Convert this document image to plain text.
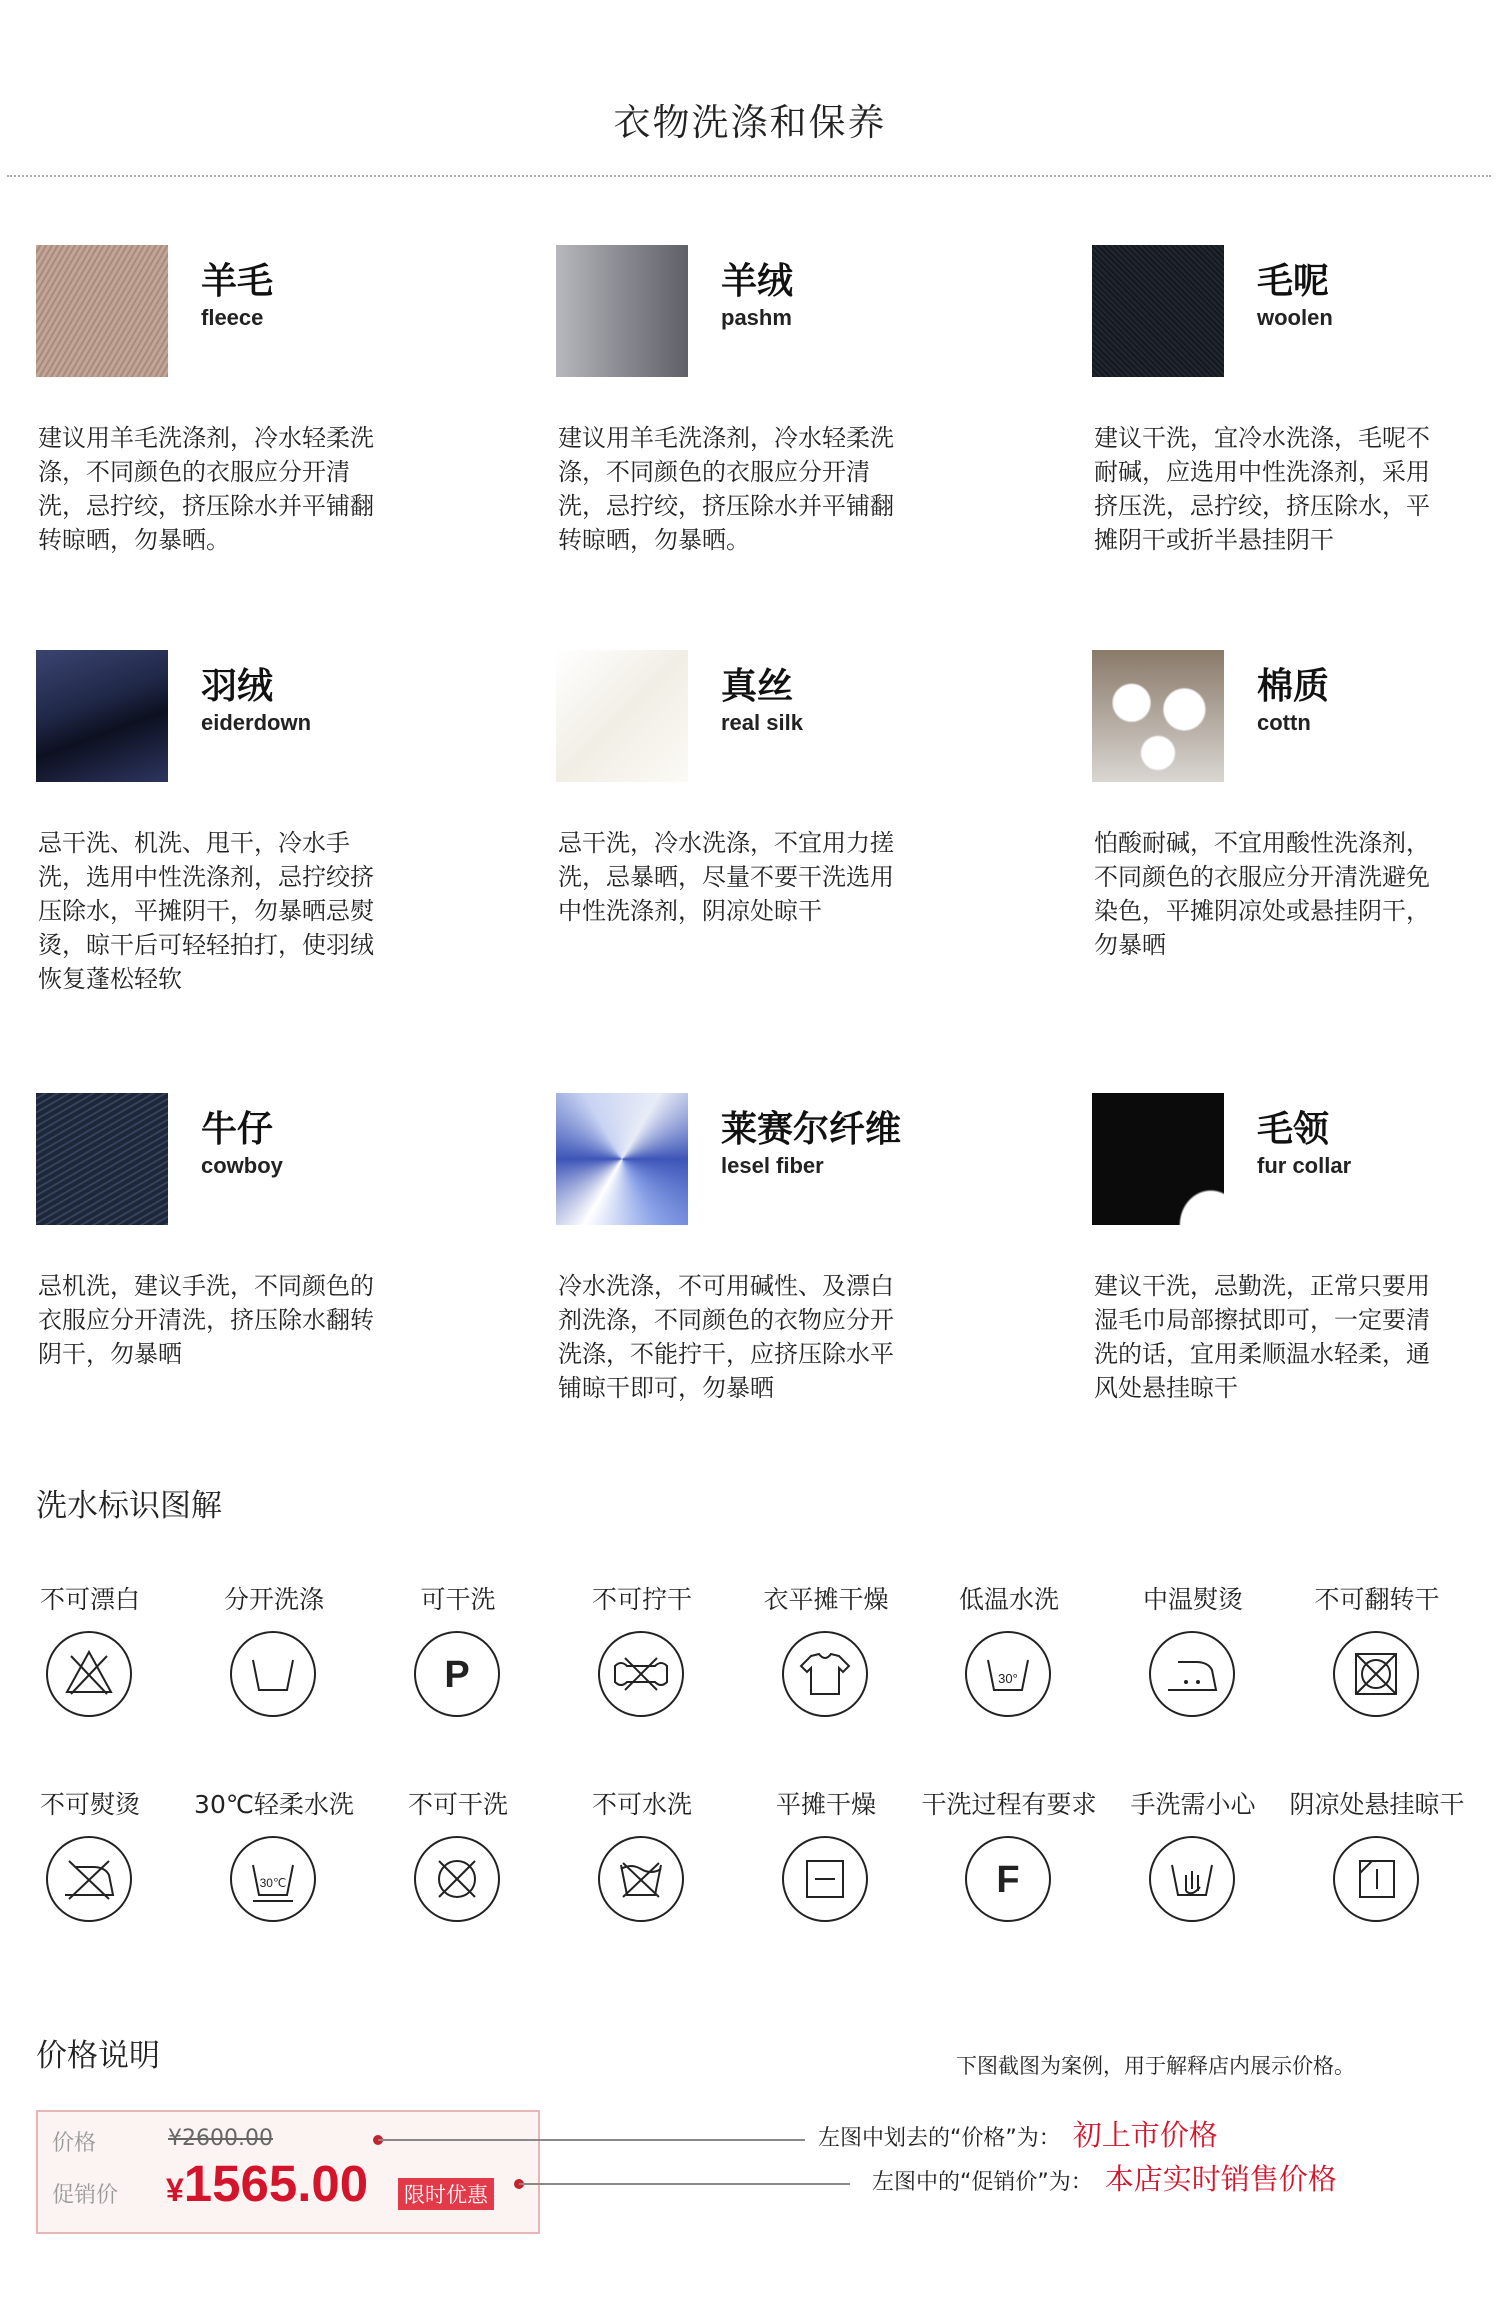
衣物洗涤和保养
羊毛
fleece
建议用羊毛洗涤剂，冷水轻柔洗涤，不同颜色的衣服应分开清洗，忌拧绞，挤压除水并平铺翻转晾晒，勿暴晒。
羊绒
pashm
建议用羊毛洗涤剂，冷水轻柔洗涤，不同颜色的衣服应分开清洗，忌拧绞，挤压除水并平铺翻转晾晒，勿暴晒。
毛呢
woolen
建议干洗，宜冷水洗涤，毛呢不耐碱，应选用中性洗涤剂，采用挤压洗，忌拧绞，挤压除水，平摊阴干或折半悬挂阴干
羽绒
eiderdown
忌干洗、机洗、甩干，冷水手洗，选用中性洗涤剂，忌拧绞挤压除水，平摊阴干，勿暴晒忌熨烫，晾干后可轻轻拍打，使羽绒恢复蓬松轻软
真丝
real silk
忌干洗，冷水洗涤，不宜用力搓洗，忌暴晒，尽量不要干洗选用中性洗涤剂，阴凉处晾干
棉质
cottn
怕酸耐碱，不宜用酸性洗涤剂，不同颜色的衣服应分开清洗避免染色，平摊阴凉处或悬挂阴干，勿暴晒
牛仔
cowboy
忌机洗，建议手洗，不同颜色的衣服应分开清洗，挤压除水翻转阴干，勿暴晒
莱赛尔纤维
lesel fiber
冷水洗涤，不可用碱性、及漂白剂洗涤，不同颜色的衣物应分开洗涤，不能拧干，应挤压除水平铺晾干即可，勿暴晒
毛领
fur collar
建议干洗，忌勤洗，正常只要用湿毛巾局部擦拭即可，一定要清洗的话，宜用柔顺温水轻柔，通风处悬挂晾干
洗水标识图解
不可漂白	分开洗涤	可干洗
P
不可拧干	衣平摊干燥	低温水洗
30°
中温熨烫	不可翻转干
不可熨烫	30℃轻柔水洗
30℃
不可干洗	不可水洗	平摊干燥	干洗过程有要求
F
手洗需小心	阴凉处悬挂晾干
价格说明	下图截图为案例，用于解释店内展示价格。
价格	¥2600.00
促销价 ¥1565.00 限时优惠
左图中划去的“价格”为： 初上市价格
左图中的“促销价”为： 本店实时销售价格
